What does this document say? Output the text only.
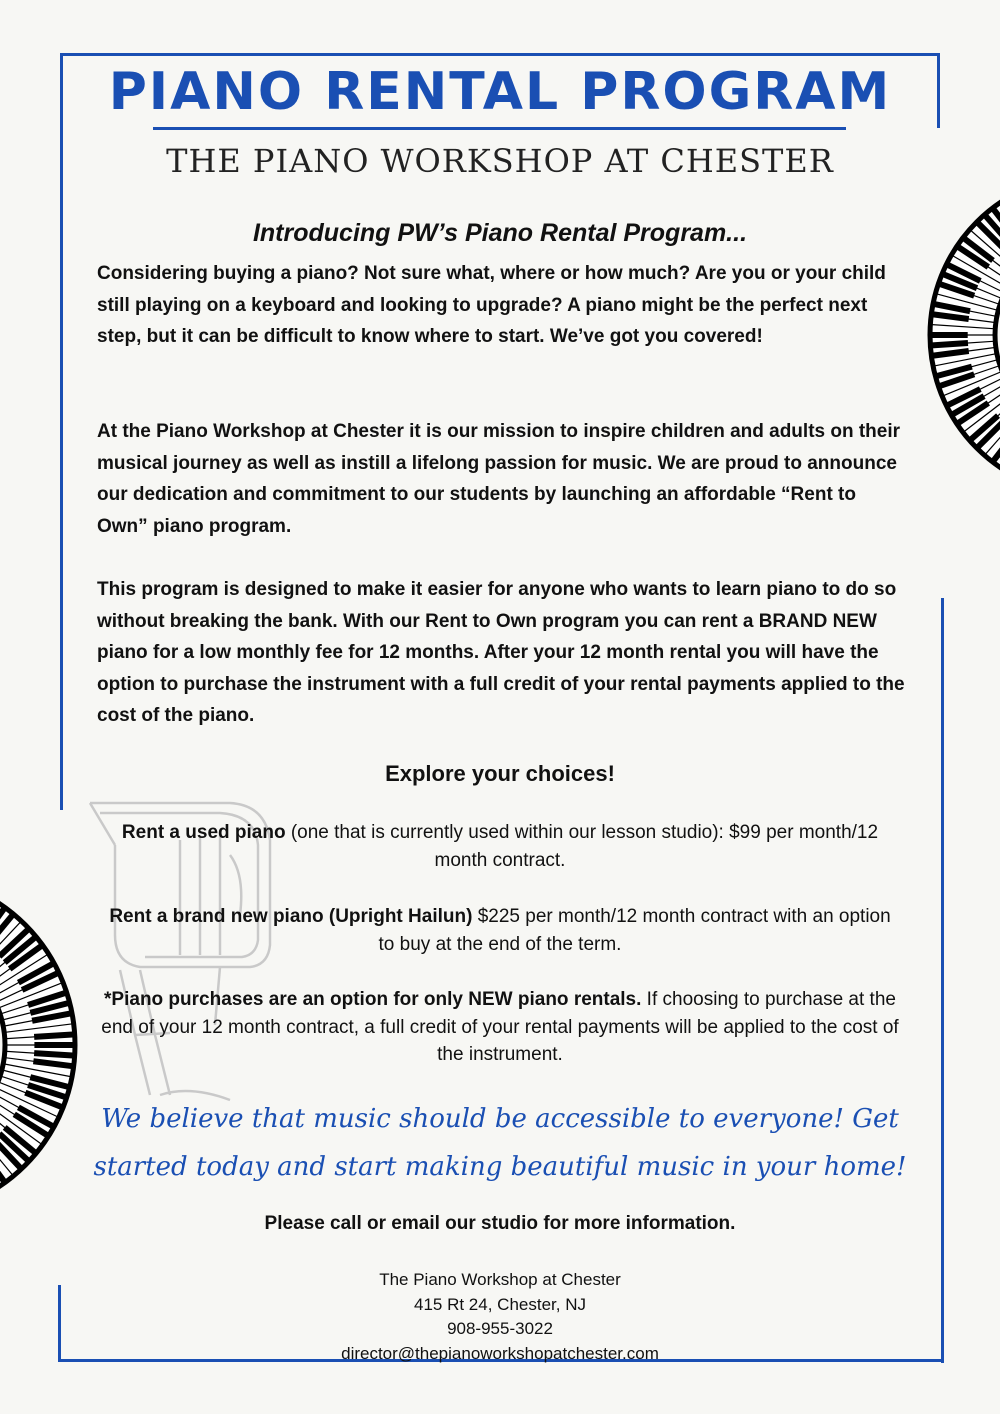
PIANO RENTAL PROGRAM
THE PIANO WORKSHOP AT CHESTER
Introducing PW’s Piano Rental Program...

Considering buying a piano? Not sure what, where or how much? Are you or your child still playing on a keyboard and looking to upgrade? A piano might be the perfect next step, but it can be difficult to know where to start. We’ve got you covered!

At the Piano Workshop at Chester it is our mission to inspire children and adults on their musical journey as well as instill a lifelong passion for music. We are proud to announce our dedication and commitment to our students by launching an affordable “Rent to Own” piano program.

This program is designed to make it easier for anyone who wants to learn piano to do so without breaking the bank. With our Rent to Own program you can rent a BRAND NEW piano for a low monthly fee for 12 months. After your 12 month rental you will have the option to purchase the instrument with a full credit of your rental payments applied to the cost of the piano.

Explore your choices!

Rent a used piano (one that is currently used within our lesson studio): $99 per month/12 month contract.

Rent a brand new piano (Upright Hailun) $225 per month/12 month contract with an option to buy at the end of the term.

*Piano purchases are an option for only NEW piano rentals. If choosing to purchase at the end of your 12 month contract, a full credit of your rental payments will be applied to the cost of the instrument.

We believe that music should be accessible to everyone! Get started today and start making beautiful music in your home!

Please call or email our studio for more information.
The Piano Workshop at Chester
415 Rt 24, Chester, NJ
908-955-3022
director@thepianoworkshopatchester.com
